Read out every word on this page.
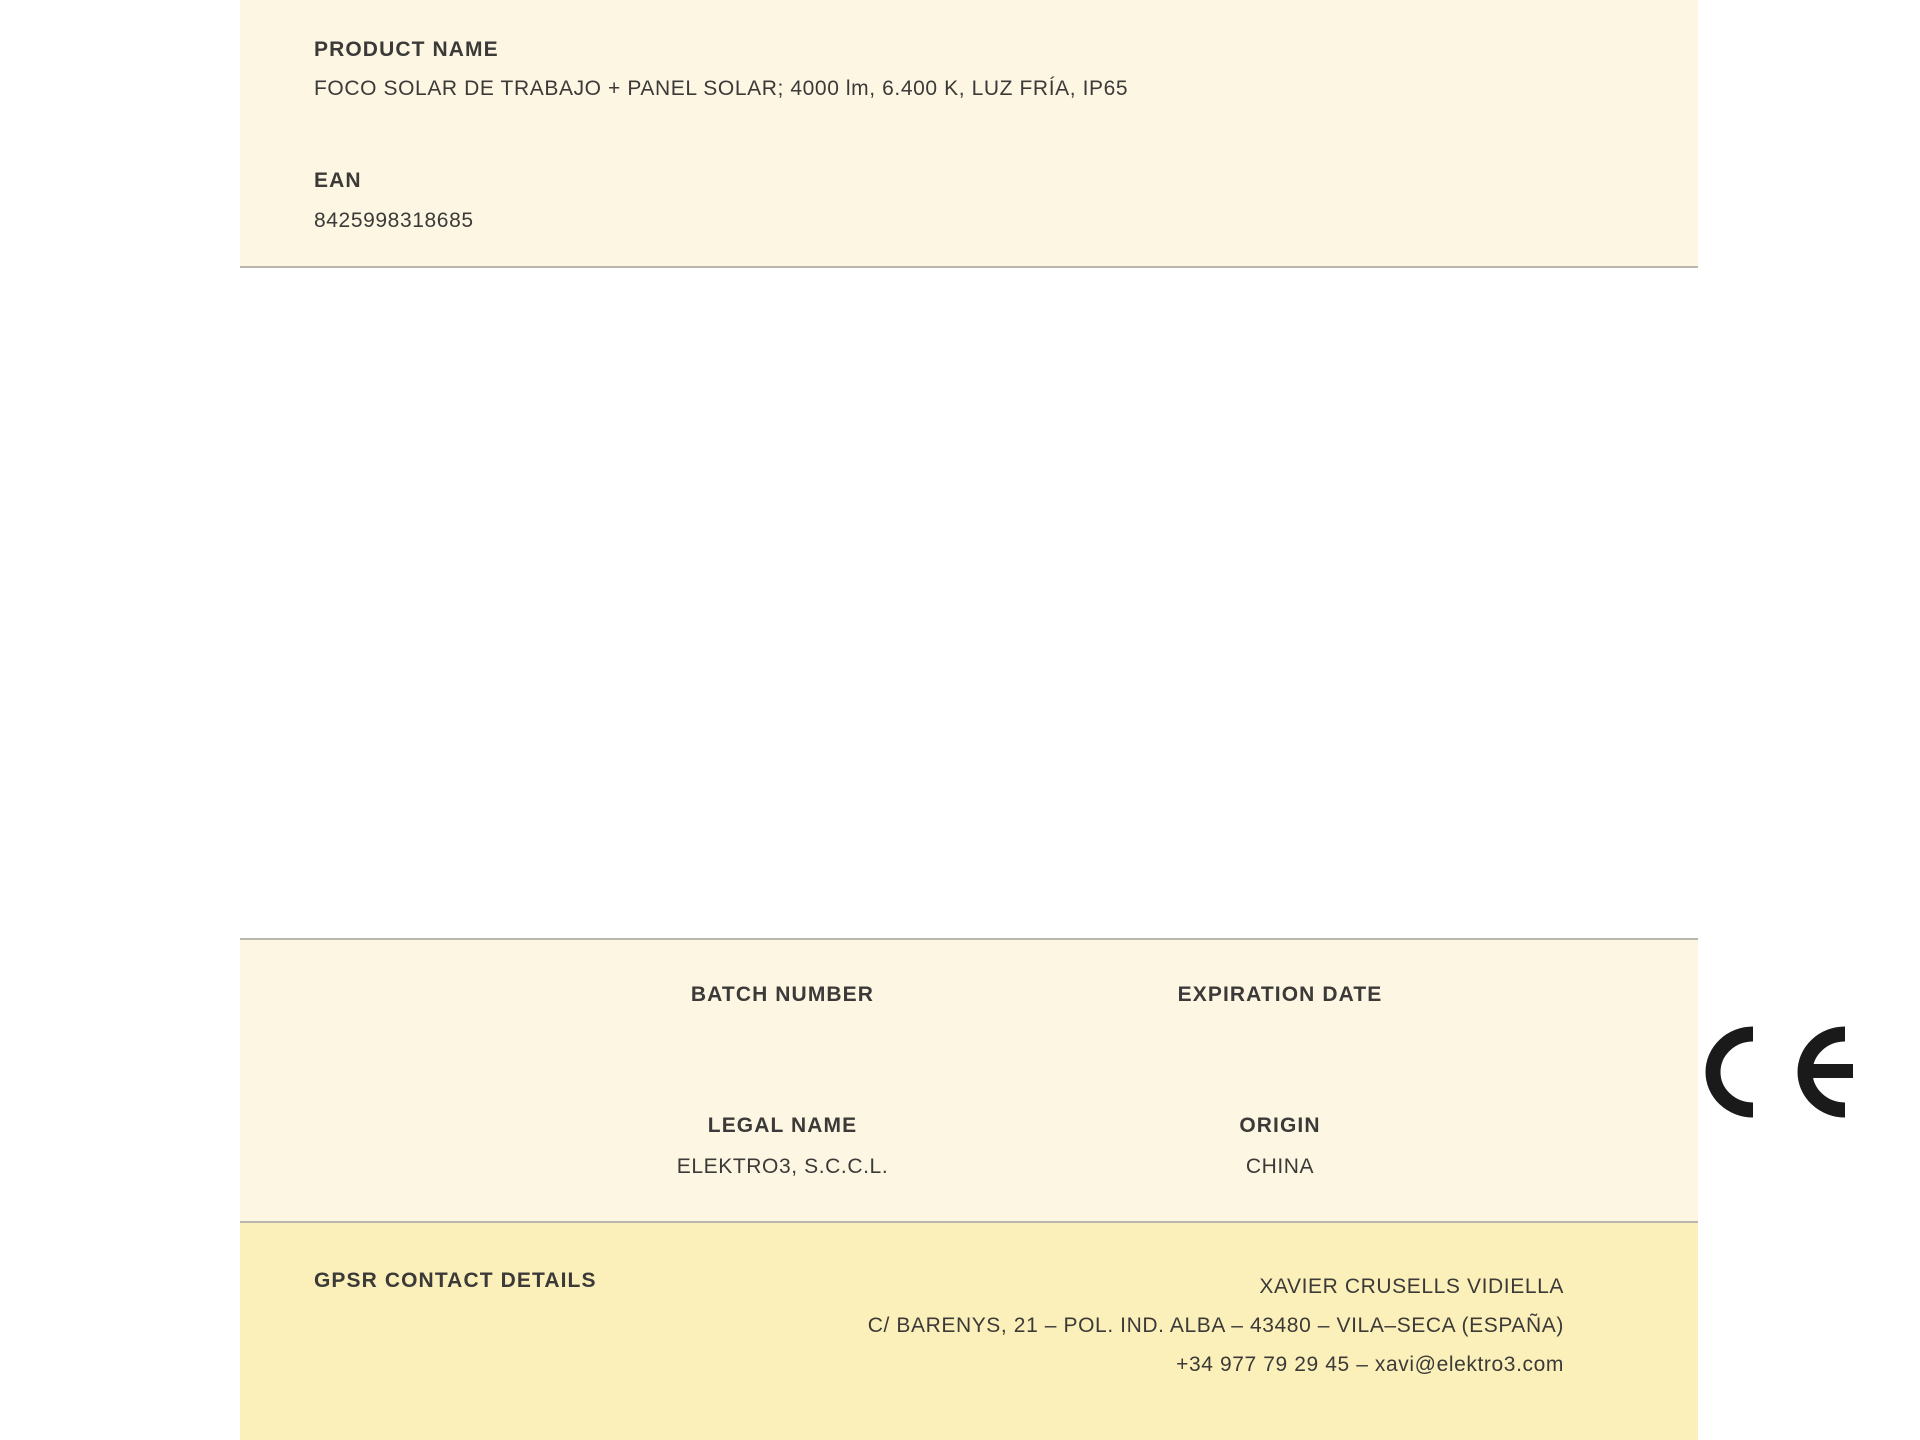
PRODUCT NAME
FOCO SOLAR DE TRABAJO + PANEL SOLAR; 4000 lm, 6.400 K, LUZ FRÍA, IP65
EAN
8425998318685
BATCH NUMBER	EXPIRATION DATE
LEGAL NAME
ELEKTRO3, S.C.C.L.
ORIGIN
CHINA
GPSR CONTACT DETAILS	XAVIER CRUSELLS VIDIELLA
C/ BARENYS, 21 – POL. IND. ALBA – 43480 – VILA–SECA (ESPAÑA)
+34 977 79 29 45 – xavi@elektro3.com
